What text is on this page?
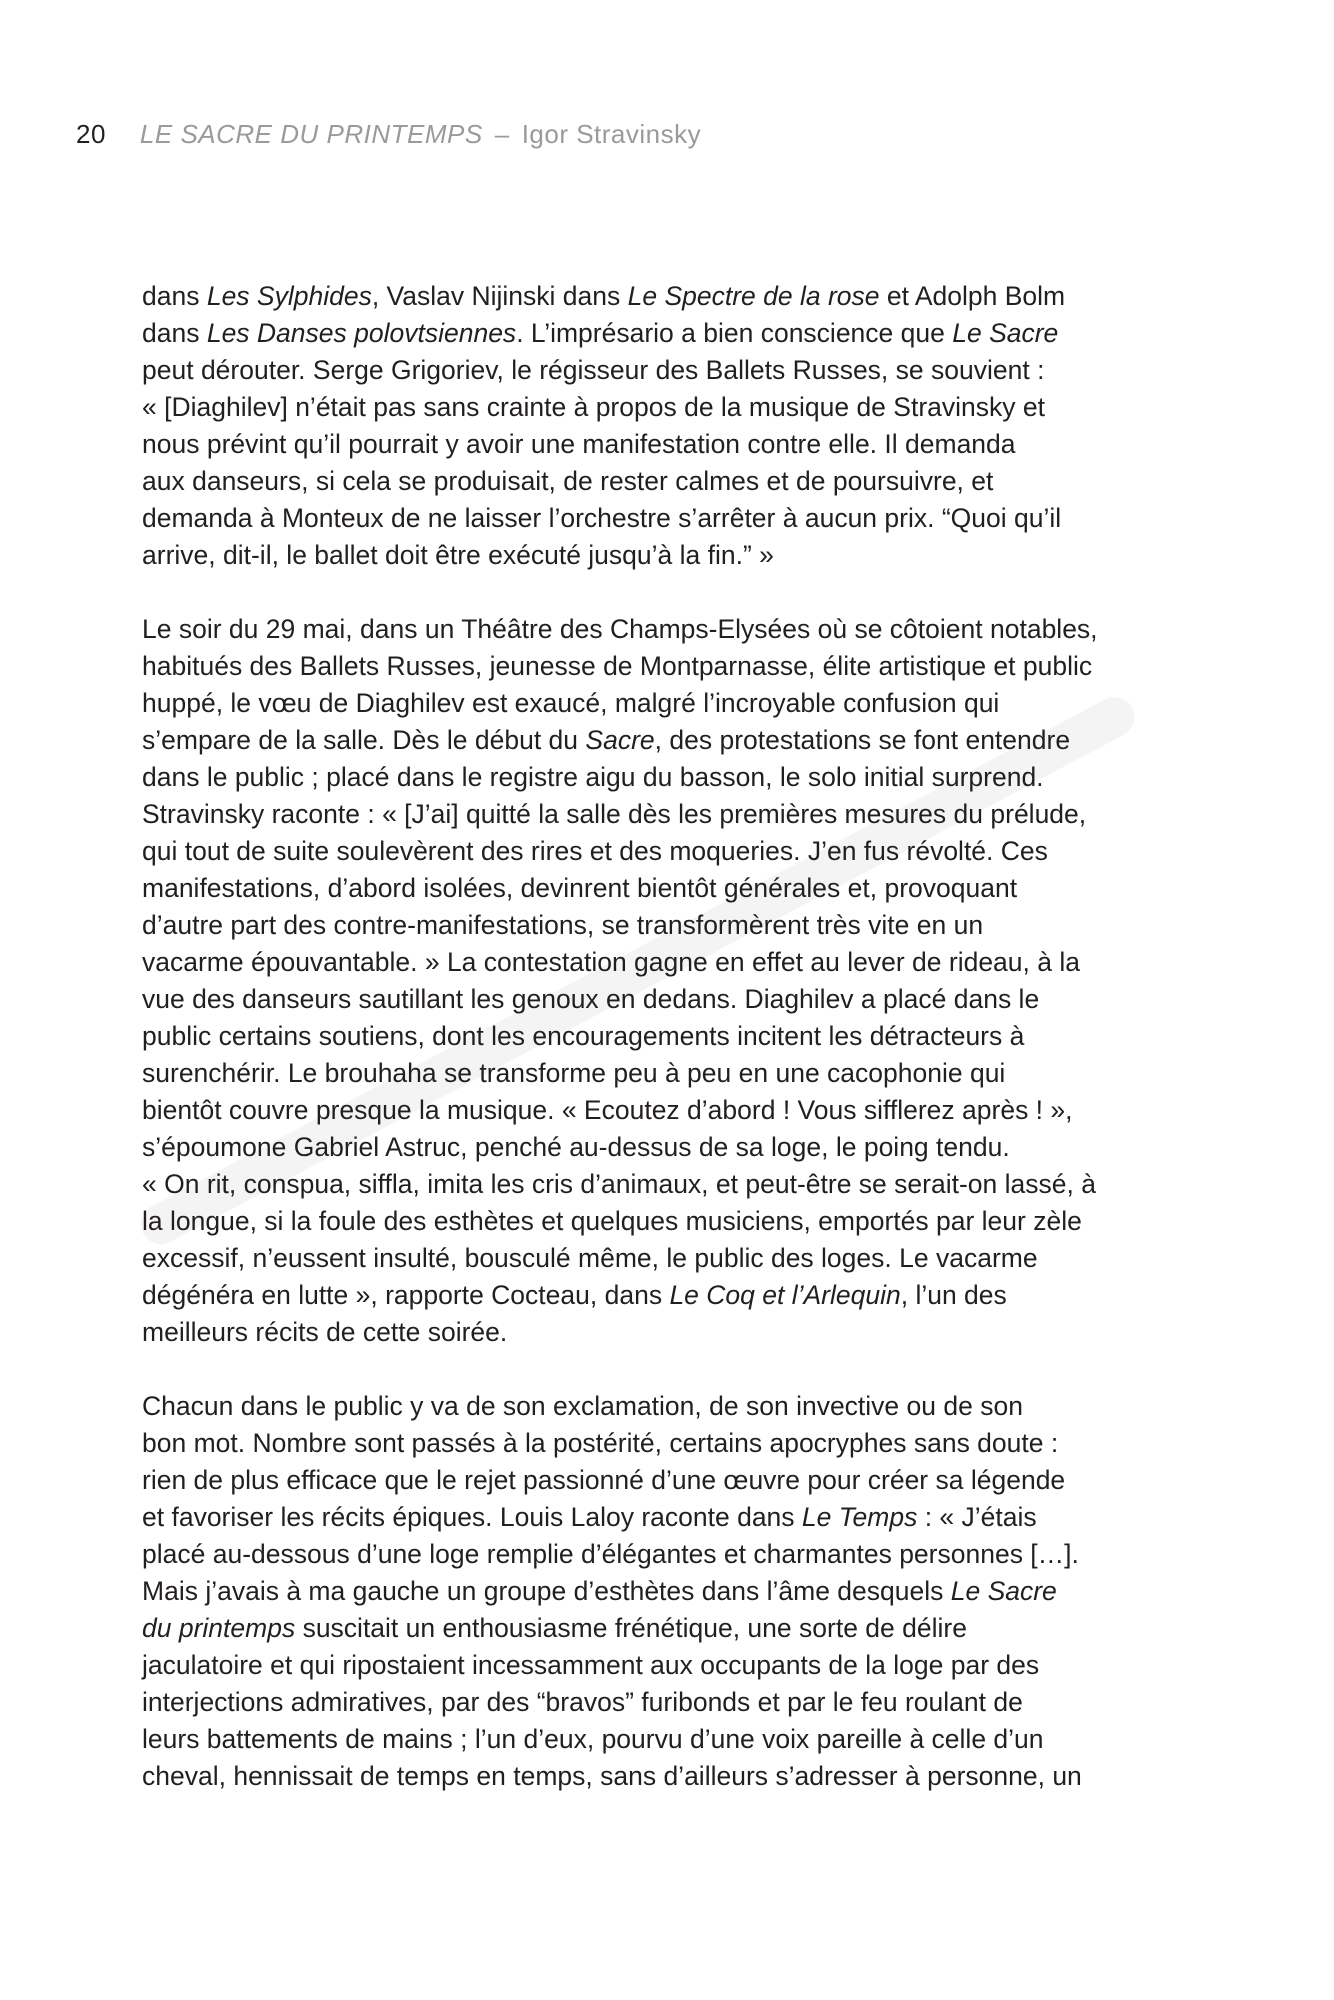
20 LE SACRE DU PRINTEMPS – Igor Stravinsky
dans Les Sylphides, Vaslav Nijinski dans Le Spectre de la rose et Adolph Bolm
dans Les Danses polovtsiennes. L’imprésario a bien conscience que Le Sacre
peut dérouter. Serge Grigoriev, le régisseur des Ballets Russes, se souvient :
« [Diaghilev] n’était pas sans crainte à propos de la musique de Stravinsky et
nous prévint qu’il pourrait y avoir une manifestation contre elle. Il demanda
aux danseurs, si cela se produisait, de rester calmes et de poursuivre, et
demanda à Monteux de ne laisser l’orchestre s’arrêter à aucun prix. “Quoi qu’il
arrive, dit-il, le ballet doit être exécuté jusqu’à la fin.” »
Le soir du 29 mai, dans un Théâtre des Champs-Elysées où se côtoient notables,
habitués des Ballets Russes, jeunesse de Montparnasse, élite artistique et public
huppé, le vœu de Diaghilev est exaucé, malgré l’incroyable confusion qui
s’empare de la salle. Dès le début du Sacre, des protestations se font entendre
dans le public ; placé dans le registre aigu du basson, le solo initial surprend.
Stravinsky raconte : « [J’ai] quitté la salle dès les premières mesures du prélude,
qui tout de suite soulevèrent des rires et des moqueries. J’en fus révolté. Ces
manifestations, d’abord isolées, devinrent bientôt générales et, provoquant
d’autre part des contre-manifestations, se transformèrent très vite en un
vacarme épouvantable. » La contestation gagne en effet au lever de rideau, à la
vue des danseurs sautillant les genoux en dedans. Diaghilev a placé dans le
public certains soutiens, dont les encouragements incitent les détracteurs à
surenchérir. Le brouhaha se transforme peu à peu en une cacophonie qui
bientôt couvre presque la musique. « Ecoutez d’abord ! Vous sifflerez après ! »,
s’époumone Gabriel Astruc, penché au-dessus de sa loge, le poing tendu.
« On rit, conspua, siffla, imita les cris d’animaux, et peut-être se serait-on lassé, à
la longue, si la foule des esthètes et quelques musiciens, emportés par leur zèle
excessif, n’eussent insulté, bousculé même, le public des loges. Le vacarme
dégénéra en lutte », rapporte Cocteau, dans Le Coq et l’Arlequin, l’un des
meilleurs récits de cette soirée.
Chacun dans le public y va de son exclamation, de son invective ou de son
bon mot. Nombre sont passés à la postérité, certains apocryphes sans doute :
rien de plus efficace que le rejet passionné d’une œuvre pour créer sa légende
et favoriser les récits épiques. Louis Laloy raconte dans Le Temps : « J’étais
placé au-dessous d’une loge remplie d’élégantes et charmantes personnes […].
Mais j’avais à ma gauche un groupe d’esthètes dans l’âme desquels Le Sacre
du printemps suscitait un enthousiasme frénétique, une sorte de délire
jaculatoire et qui ripostaient incessamment aux occupants de la loge par des
interjections admiratives, par des “bravos” furibonds et par le feu roulant de
leurs battements de mains ; l’un d’eux, pourvu d’une voix pareille à celle d’un
cheval, hennissait de temps en temps, sans d’ailleurs s’adresser à personne, un
